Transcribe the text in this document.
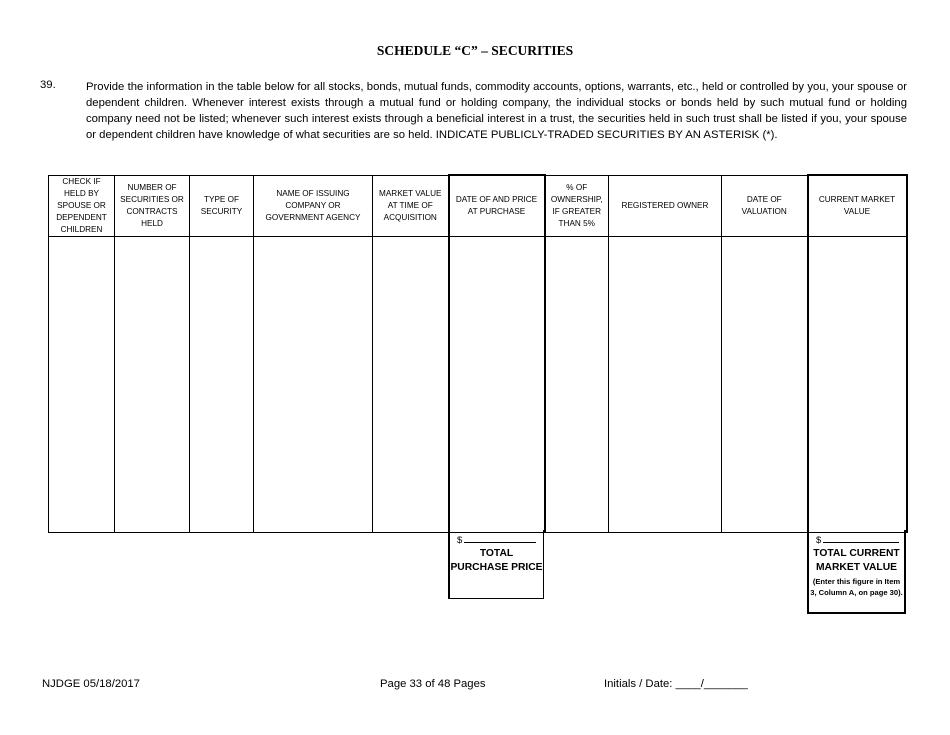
SCHEDULE “C” – SECURITIES
39.	Provide the information in the table below for all stocks, bonds, mutual funds, commodity accounts, options, warrants, etc., held or controlled by you, your spouse or dependent children. Whenever interest exists through a mutual fund or holding company, the individual stocks or bonds held by such mutual fund or holding company need not be listed; whenever such interest exists through a beneficial interest in a trust, the securities held in such trust shall be listed if you, your spouse or dependent children have knowledge of what securities are so held. INDICATE PUBLICLY-TRADED SECURITIES BY AN ASTERISK (*).
CHECK IF HELD BY SPOUSE OR DEPENDENT CHILDREN	NUMBER OF SECURITIES OR CONTRACTS HELD	TYPE OF SECURITY	NAME OF ISSUING COMPANY OR GOVERNMENT AGENCY	MARKET VALUE AT TIME OF ACQUISITION	DATE OF AND PRICE AT PURCHASE	% OF OWNERSHIP, IF GREATER THAN 5%	REGISTERED OWNER	DATE OF VALUATION	CURRENT MARKET VALUE

$
TOTAL PURCHASE PRICE
$
TOTAL CURRENT MARKET VALUE
(Enter this figure in Item 3, Column A, on page 30).
NJDGE 05/18/2017	Page 33 of 48 Pages	Initials / Date: ____/_______
